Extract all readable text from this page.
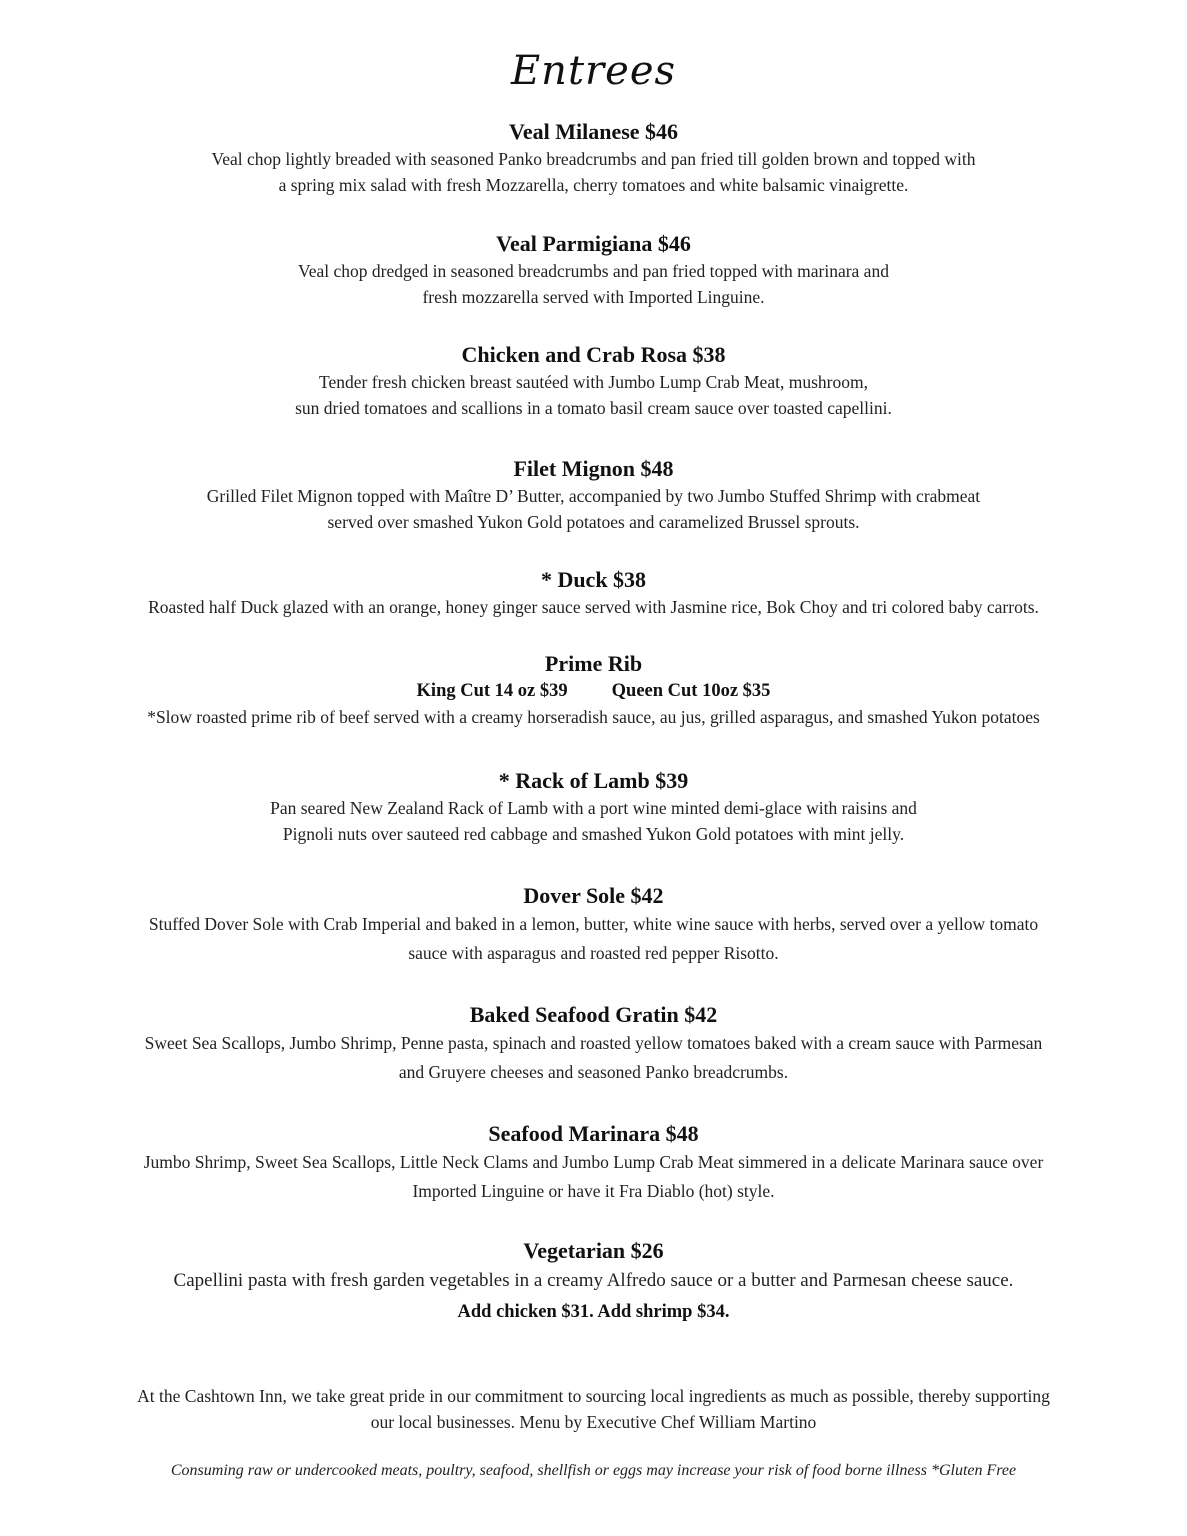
Entrees
Veal Milanese $46
Veal chop lightly breaded with seasoned Panko breadcrumbs and pan fried till golden brown and topped with
a spring mix salad with fresh Mozzarella, cherry tomatoes and white balsamic vinaigrette.
Veal Parmigiana $46
Veal chop dredged in seasoned breadcrumbs and pan fried topped with marinara and
fresh mozzarella served with Imported Linguine.
Chicken and Crab Rosa $38
Tender fresh chicken breast sautéed with Jumbo Lump Crab Meat, mushroom,
sun dried tomatoes and scallions in a tomato basil cream sauce over toasted capellini.
Filet Mignon $48
Grilled Filet Mignon topped with Maître D’ Butter, accompanied by two Jumbo Stuffed Shrimp with crabmeat
served over smashed Yukon Gold potatoes and caramelized Brussel sprouts.
* Duck $38
Roasted half Duck glazed with an orange, honey ginger sauce served with Jasmine rice, Bok Choy and tri colored baby carrots.
Prime Rib
King Cut 14 oz $39 Queen Cut 10oz $35
*Slow roasted prime rib of beef served with a creamy horseradish sauce, au jus, grilled asparagus, and smashed Yukon potatoes
* Rack of Lamb $39
Pan seared New Zealand Rack of Lamb with a port wine minted demi-glace with raisins and
Pignoli nuts over sauteed red cabbage and smashed Yukon Gold potatoes with mint jelly.
Dover Sole $42
Stuffed Dover Sole with Crab Imperial and baked in a lemon, butter, white wine sauce with herbs, served over a yellow tomato
sauce with asparagus and roasted red pepper Risotto.
Baked Seafood Gratin $42
Sweet Sea Scallops, Jumbo Shrimp, Penne pasta, spinach and roasted yellow tomatoes baked with a cream sauce with Parmesan
and Gruyere cheeses and seasoned Panko breadcrumbs.
Seafood Marinara $48
Jumbo Shrimp, Sweet Sea Scallops, Little Neck Clams and Jumbo Lump Crab Meat simmered in a delicate Marinara sauce over
Imported Linguine or have it Fra Diablo (hot) style.
Vegetarian $26
Capellini pasta with fresh garden vegetables in a creamy Alfredo sauce or a butter and Parmesan cheese sauce.
Add chicken $31. Add shrimp $34.
At the Cashtown Inn, we take great pride in our commitment to sourcing local ingredients as much as possible, thereby supporting
our local businesses. Menu by Executive Chef William Martino
Consuming raw or undercooked meats, poultry, seafood, shellfish or eggs may increase your risk of food borne illness *Gluten Free
